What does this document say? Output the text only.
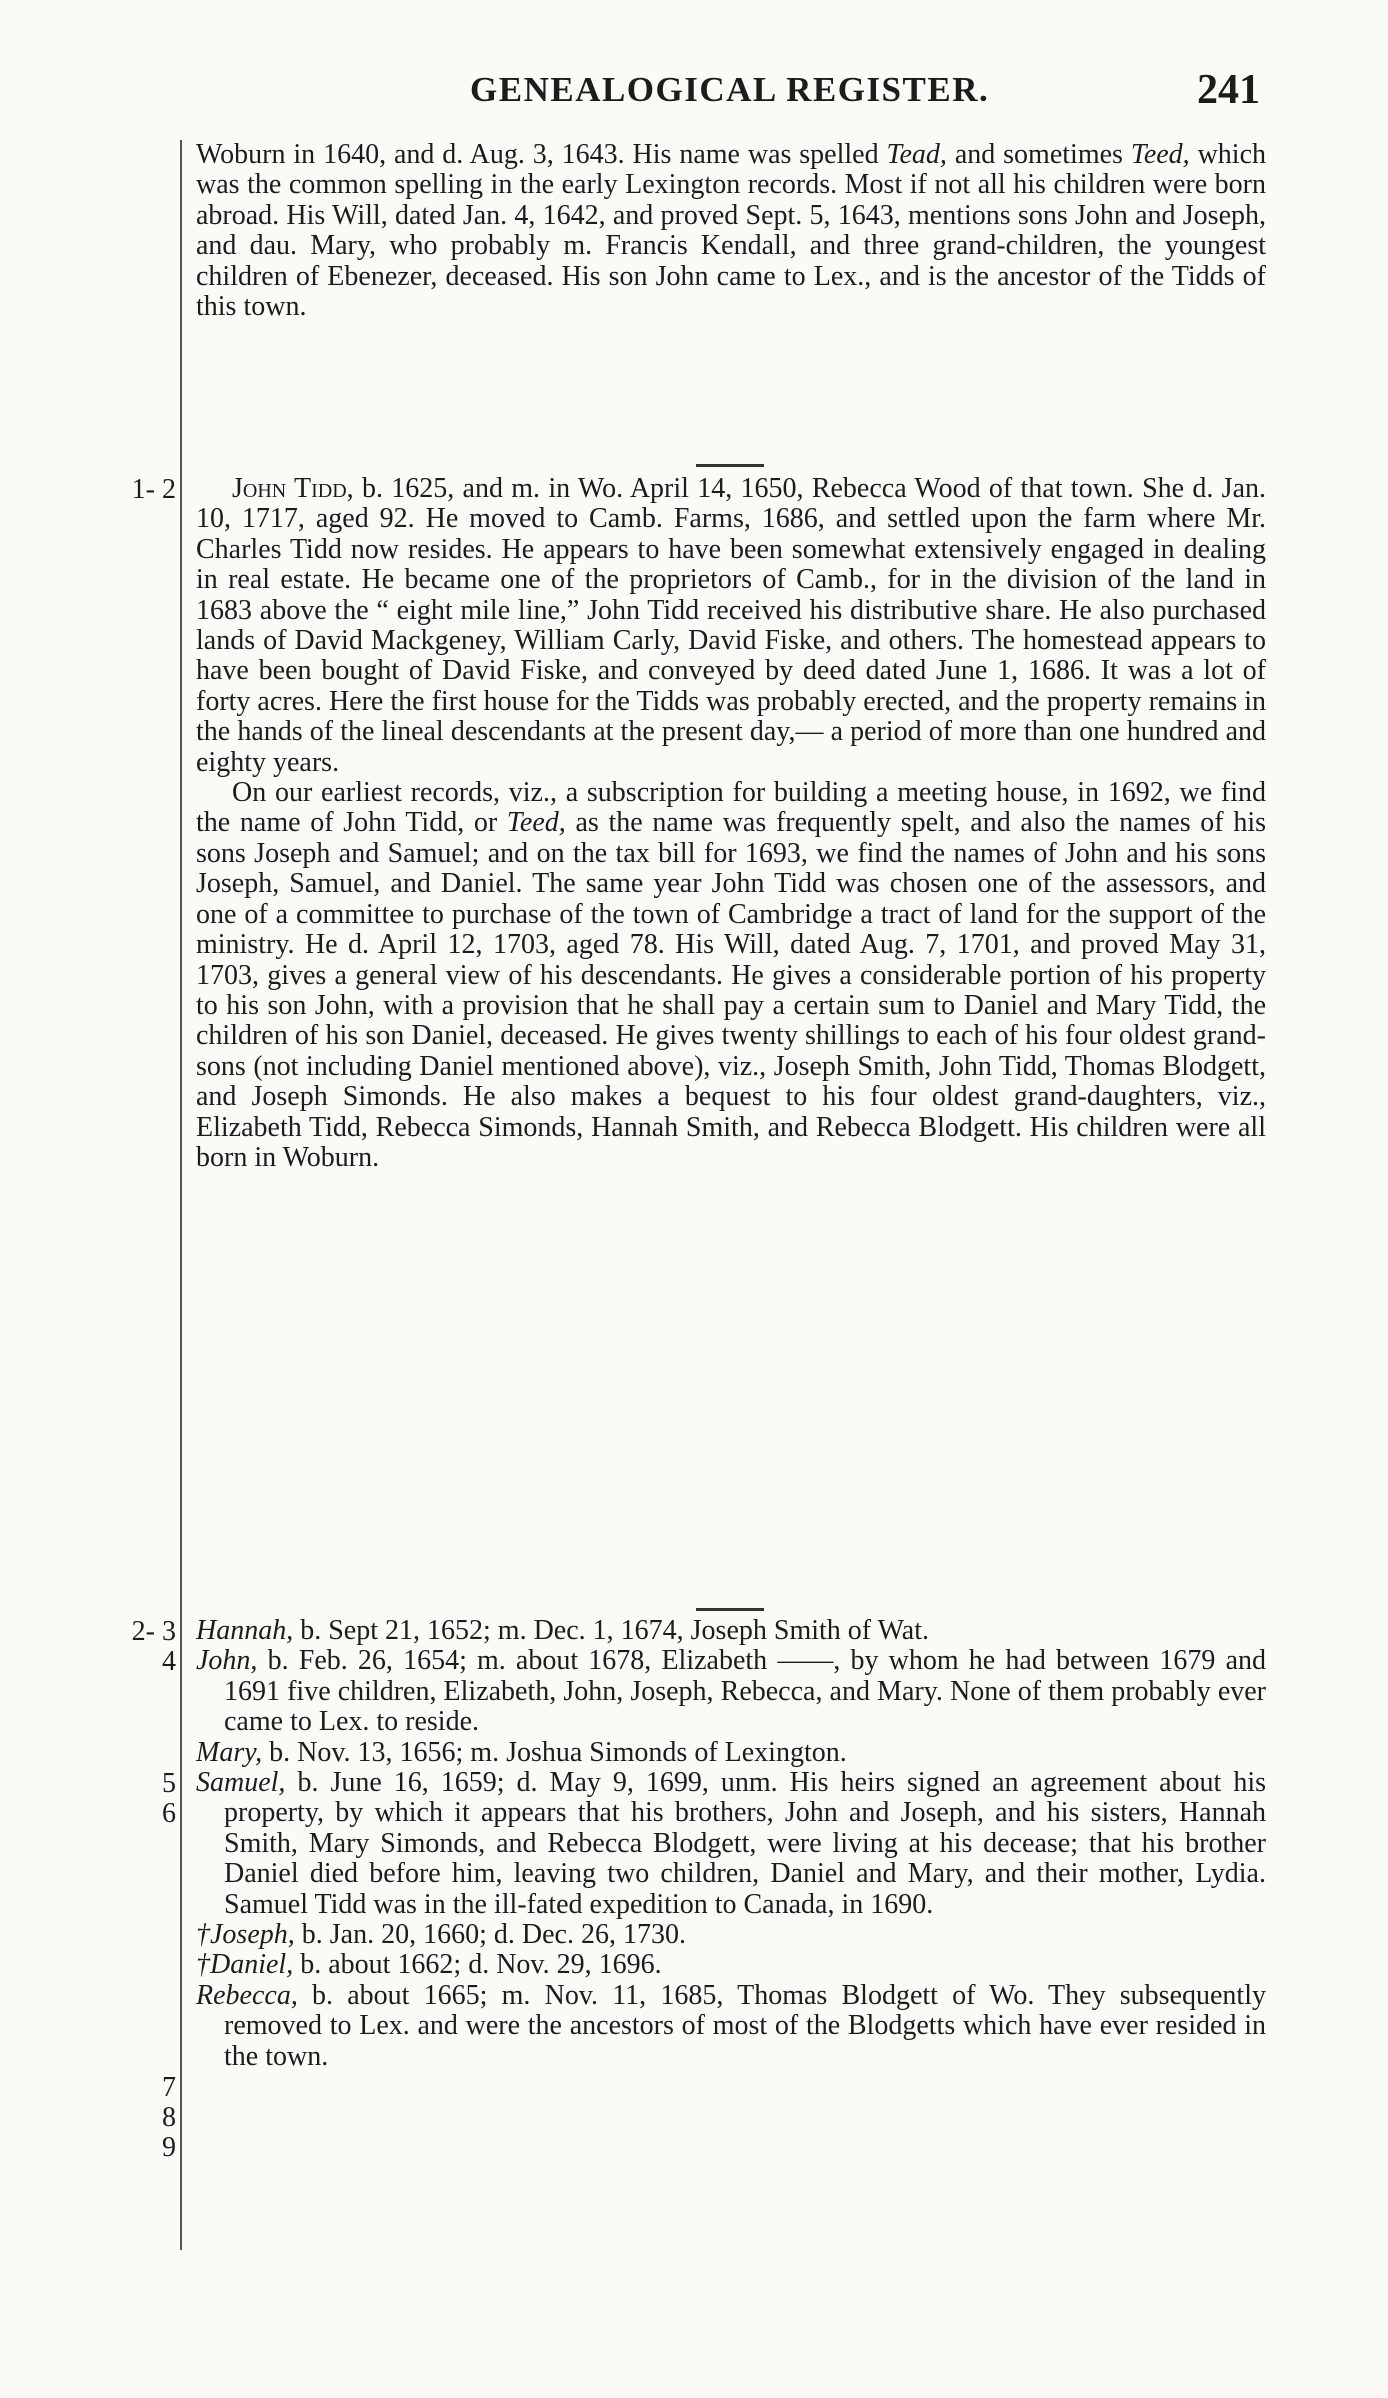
GENEALOGICAL REGISTER.	241

Woburn in 1640, and d. Aug. 3, 1643. His name was spelled Tead, and sometimes Teed, which was the common spelling in the early Lexington records. Most if not all his children were born abroad. His Will, dated Jan. 4, 1642, and proved Sept. 5, 1643, mentions sons John and Joseph, and dau. Mary, who probably m. Francis Kendall, and three grand-children, the youngest children of Ebenezer, deceased. His son John came to Lex., and is the ancestor of the Tidds of this town.

1- 2	John Tidd, b. 1625, and m. in Wo. April 14, 1650, Rebecca Wood of that town. She d. Jan. 10, 1717, aged 92. He moved to Camb. Farms, 1686, and settled upon the farm where Mr. Charles Tidd now resides. He appears to have been somewhat extensively engaged in dealing in real estate. He became one of the proprietors of Camb., for in the division of the land in 1683 above the “ eight mile line,” John Tidd received his distributive share. He also purchased lands of David Mackgeney, William Carly, David Fiske, and others. The homestead appears to have been bought of David Fiske, and conveyed by deed dated June 1, 1686. It was a lot of forty acres. Here the first house for the Tidds was probably erected, and the property remains in the hands of the lineal descendants at the present day,— a period of more than one hundred and eighty years.

On our earliest records, viz., a subscription for building a meeting house, in 1692, we find the name of John Tidd, or Teed, as the name was frequently spelt, and also the names of his sons Joseph and Samuel; and on the tax bill for 1693, we find the names of John and his sons Joseph, Samuel, and Daniel. The same year John Tidd was chosen one of the assessors, and one of a committee to purchase of the town of Cambridge a tract of land for the support of the ministry. He d. April 12, 1703, aged 78. His Will, dated Aug. 7, 1701, and proved May 31, 1703, gives a general view of his descendants. He gives a considerable portion of his property to his son John, with a provision that he shall pay a certain sum to Daniel and Mary Tidd, the children of his son Daniel, deceased. He gives twenty shillings to each of his four oldest grand-sons (not including Daniel mentioned above), viz., Joseph Smith, John Tidd, Thomas Blodgett, and Joseph Simonds. He also makes a bequest to his four oldest grand-daughters, viz., Elizabeth Tidd, Rebecca Simonds, Hannah Smith, and Rebecca Blodgett. His children were all born in Woburn.

2- 3
4
5
6
7
8
9

Hannah, b. Sept 21, 1652; m. Dec. 1, 1674, Joseph Smith of Wat.

John, b. Feb. 26, 1654; m. about 1678, Elizabeth ——, by whom he had between 1679 and 1691 five children, Elizabeth, John, Joseph, Rebecca, and Mary. None of them probably ever came to Lex. to reside.

Mary, b. Nov. 13, 1656; m. Joshua Simonds of Lexington.

Samuel, b. June 16, 1659; d. May 9, 1699, unm. His heirs signed an agreement about his property, by which it appears that his brothers, John and Joseph, and his sisters, Hannah Smith, Mary Simonds, and Rebecca Blodgett, were living at his decease; that his brother Daniel died before him, leaving two children, Daniel and Mary, and their mother, Lydia. Samuel Tidd was in the ill-fated expedition to Canada, in 1690.

†Joseph, b. Jan. 20, 1660; d. Dec. 26, 1730.

†Daniel, b. about 1662; d. Nov. 29, 1696.

Rebecca, b. about 1665; m. Nov. 11, 1685, Thomas Blodgett of Wo. They subsequently removed to Lex. and were the ancestors of most of the Blodgetts which have ever resided in the town.
